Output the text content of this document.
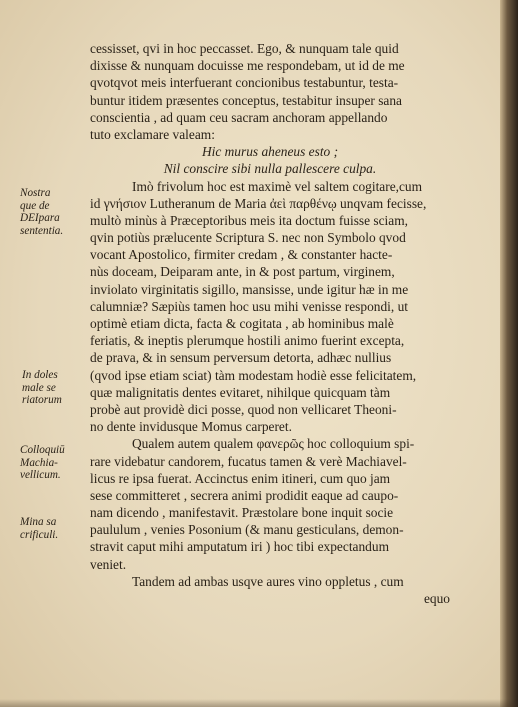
cessisset, qvi in hoc peccasset. Ego, & nunquam tale quid
dixisse & nunquam docuisse me respondebam, ut id de me
qvotqvot meis interfuerant concionibus testabuntur, testa-
buntur itidem præsentes conceptus, testabitur insuper sana
conscientia , ad quam ceu sacram anchoram appellando
tuto exclamare valeam:
Hic murus aheneus esto ;
Nil conscire sibi nulla pallescere culpa.
Imò frivolum hoc est maximè vel saltem cogitare,cum
id γνήσιον Lutheranum de Maria ἀεὶ παρθένῳ unqvam fecisse,
multò minùs à Præceptoribus meis ita doctum fuisse sciam,
qvin potiùs prælucente Scriptura S. nec non Symbolo qvod
vocant Apostolico, firmiter credam , & constanter hacte-
nùs doceam, Deiparam ante, in & post partum, virginem,
inviolato virginitatis sigillo, mansisse, unde igitur hæ in me
calumniæ? Sæpiùs tamen hoc usu mihi venisse respondi, ut
optimè etiam dicta, facta & cogitata , ab hominibus malè
feriatis, & ineptis plerumque hostili animo fuerint excepta,
de prava, & in sensum perversum detorta, adhæc nullius
(qvod ipse etiam sciat) tàm modestam hodiè esse felicitatem,
quæ malignitatis dentes evitaret, nihilque quicquam tàm
probè aut providè dici posse, quod non vellicaret Theoni-
no dente invidusque Momus carperet.
Qualem autem qualem φανερῶς hoc colloquium spi-
rare videbatur candorem, fucatus tamen & verè Machiavel-
licus re ipsa fuerat. Accinctus enim itineri, cum quo jam
sese committeret , secrera animi prodidit eaque ad caupo-
nam dicendo , manifestavit. Præstolare bone inquit socie
paululum , venies Posonium (& manu gesticulans, demon-
stravit caput mihi amputatum iri ) hoc tibi expectandum
veniet.
Tandem ad ambas usqve aures vino oppletus , cum
equo
Nostra
que de
DEIpara
sententia.
In doles
male se
riatorum
Colloquiū
Machia-
vellicum.
Mina sa
crificuli.
